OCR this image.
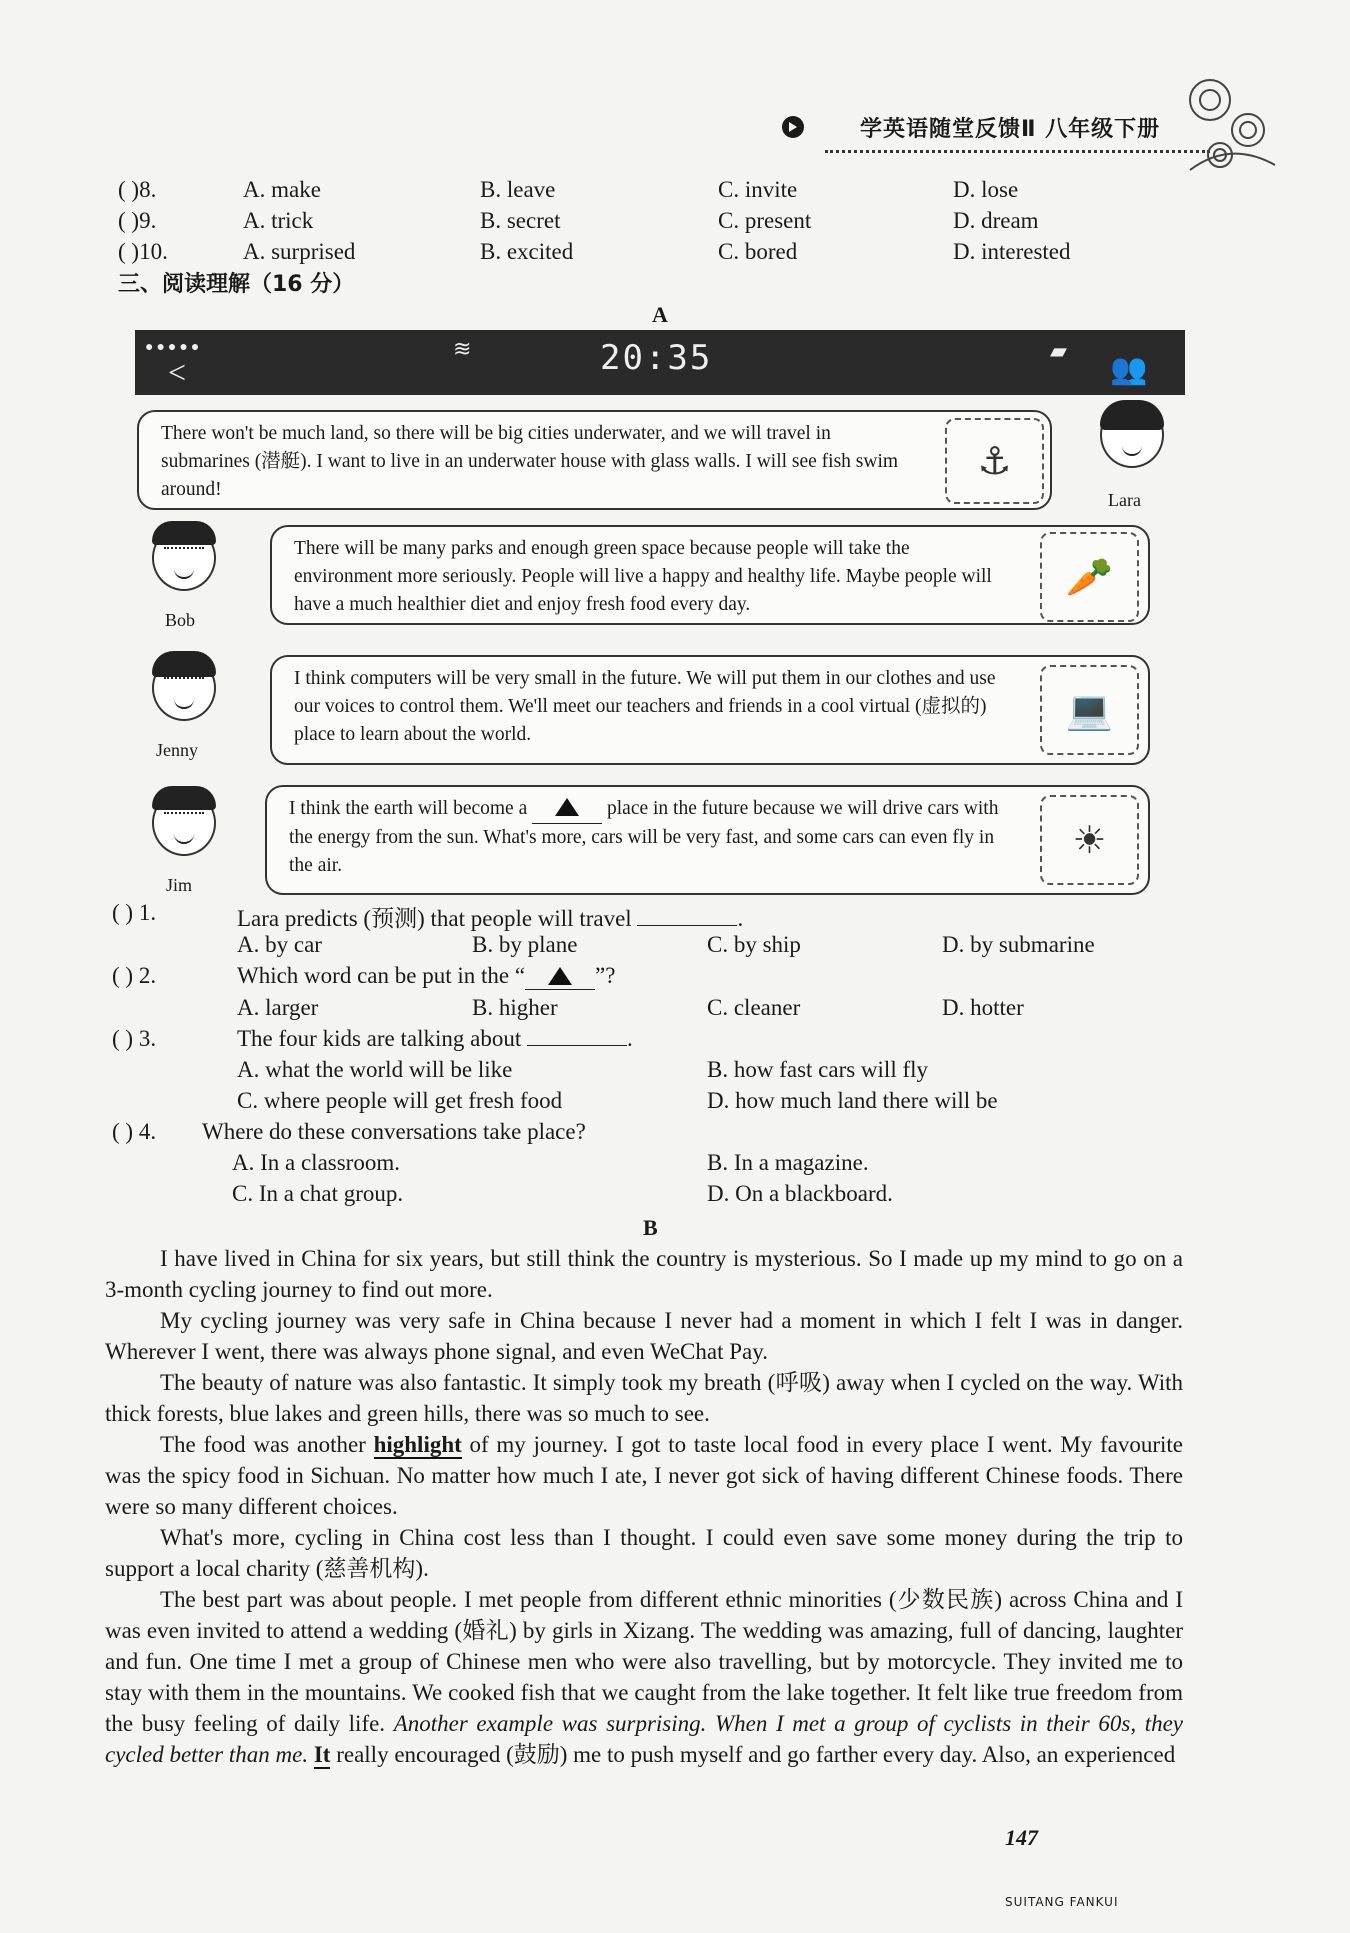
学英语随堂反馈Ⅱ 八年级下册
( )8.	A. make	B. leave	C. invite	D. lose
( )9.	A. trick	B. secret	C. present	D. dream
( )10.	A. surprised	B. excited	C. bored	D. interested
三、阅读理解（16 分）
A
●●●●●
<
≋	20:35	▰
👥

There won't be much land, so there will be big cities underwater, and we will travel in submarines (潜艇). I want to live in an underwater house with glass walls. I will see fish swim around!

⚓
Lara
Bob

There will be many parks and enough green space because people will take the environment more seriously. People will live a happy and healthy life. Maybe people will have a much healthier diet and enjoy fresh food every day.

🥕
Jenny

I think computers will be very small in the future. We will put them in our clothes and use our voices to control them. We'll meet our teachers and friends in a cool virtual (虚拟的) place to learn about the world.

💻
Jim

I think the earth will become a	place in the future because we will drive cars with the energy from the sun. What's more, cars will be very fast, and some cars can even fly in the air.

☀
( ) 1.	Lara predicts (预测) that people will travel	.
A. by car	B. by plane	C. by ship	D. by submarine
( ) 2.	Which word can be put in the “	”?
A. larger	B. higher	C. cleaner	D. hotter
( ) 3.	The four kids are talking about	.
A. what the world will be like	B. how fast cars will fly
C. where people will get fresh food	D. how much land there will be
( ) 4. Where do these conversations take place?
A. In a classroom.	B. In a magazine.
C. In a chat group.	D. On a blackboard.
B

I have lived in China for six years, but still think the country is mysterious. So I made up my mind to go on a 3-month cycling journey to find out more.

My cycling journey was very safe in China because I never had a moment in which I felt I was in danger. Wherever I went, there was always phone signal, and even WeChat Pay.

The beauty of nature was also fantastic. It simply took my breath (呼吸) away when I cycled on the way. With thick forests, blue lakes and green hills, there was so much to see.

The food was another highlight of my journey. I got to taste local food in every place I went. My favourite was the spicy food in Sichuan. No matter how much I ate, I never got sick of having different Chinese foods. There were so many different choices.

What's more, cycling in China cost less than I thought. I could even save some money during the trip to support a local charity (慈善机构).

The best part was about people. I met people from different ethnic minorities (少数民族) across China and I was even invited to attend a wedding (婚礼) by girls in Xizang. The wedding was amazing, full of dancing, laughter and fun. One time I met a group of Chinese men who were also travelling, but by motorcycle. They invited me to stay with them in the mountains. We cooked fish that we caught from the lake together. It felt like true freedom from the busy feeling of daily life. Another example was surprising. When I met a group of cyclists in their 60s, they cycled better than me. It really encouraged (鼓励) me to push myself and go farther every day. Also, an experienced

147
SUITANG FANKUI
